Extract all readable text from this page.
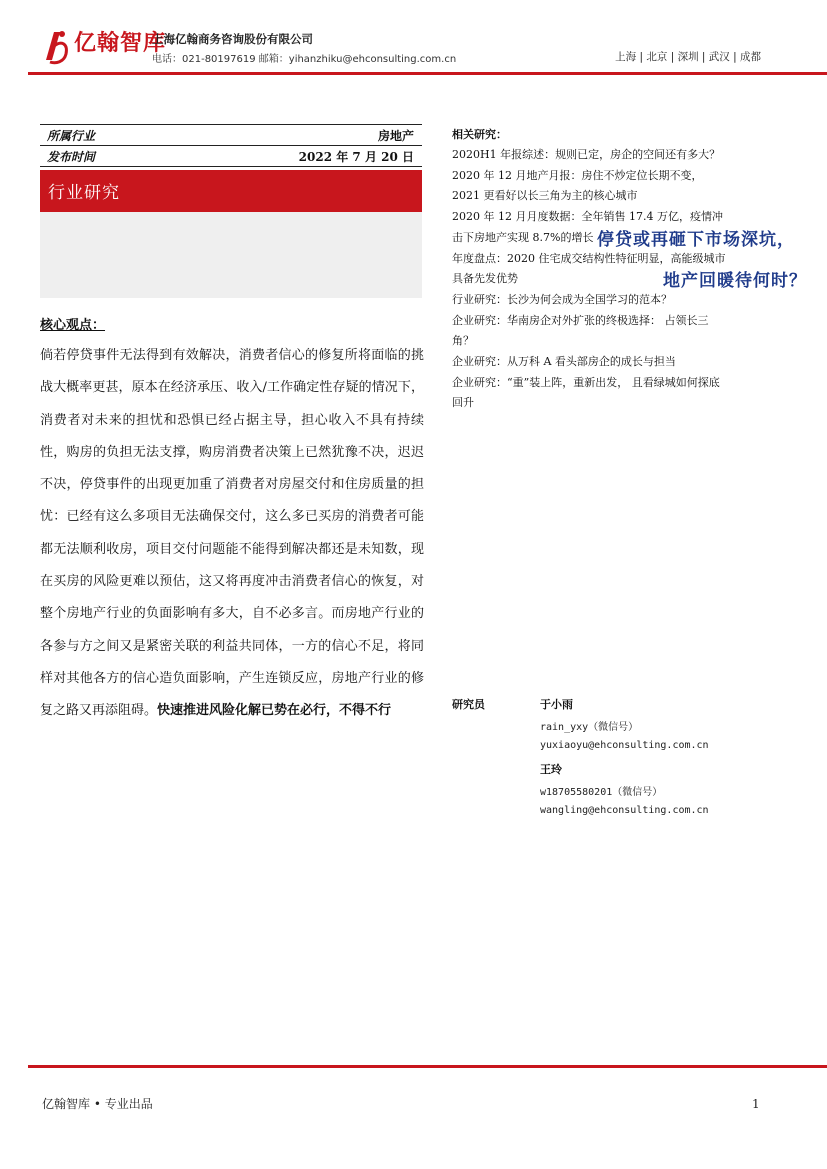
亿翰智库
上海亿翰商务咨询股份有限公司
电话：021-80197619 邮箱：yihanzhiku@ehconsulting.com.cn	上海 | 北京 | 深圳 | 武汉 | 成都
所属行业	房地产
发布时间	2022 年 7 月 20 日
行业研究
停贷或再砸下市场深坑，
地产回暖待何时？
核心观点：
倘若停贷事件无法得到有效解决，消费者信心的修复所将面临的挑战大概率更甚，原本在经济承压、收入/工作确定性存疑的情况下，消费者对未来的担忧和恐惧已经占据主导，担心收入不具有持续性，购房的负担无法支撑，购房消费者决策上已然犹豫不决，迟迟不决，停贷事件的出现更加重了消费者对房屋交付和住房质量的担忧：已经有这么多项目无法确保交付，这么多已买房的消费者可能都无法顺利收房，项目交付问题能不能得到解决都还是未知数，现在买房的风险更难以预估，这又将再度冲击消费者信心的恢复，对整个房地产行业的负面影响有多大，自不必多言。而房地产行业的各参与方之间又是紧密关联的利益共同体，一方的信心不足，将同样对其他各方的信心造负面影响，产生连锁反应，房地产行业的修复之路又再添阻碍。快速推进风险化解已势在必行，不得不行
相关研究：
2020H1 年报综述：规则已定，房企的空间还有多大？
2020 年 12 月地产月报：房住不炒定位长期不变，2021 更看好以长三角为主的核心城市
2020 年 12 月月度数据：全年销售 17.4 万亿，疫情冲击下房地产实现 8.7%的增长
年度盘点：2020 住宅成交结构性特征明显，高能级城市具备先发优势
行业研究：长沙为何会成为全国学习的范本？
企业研究：华南房企对外扩张的终极选择： 占领长三角？
企业研究：从万科 A 看头部房企的成长与担当
企业研究：“重”装上阵，重新出发， 且看绿城如何探底回升
研究员	于小雨
rain_yxy（微信号）
yuxiaoyu@ehconsulting.com.cn
王玲
w18705580201（微信号）
wangling@ehconsulting.com.cn
亿翰智库 • 专业出品	1
